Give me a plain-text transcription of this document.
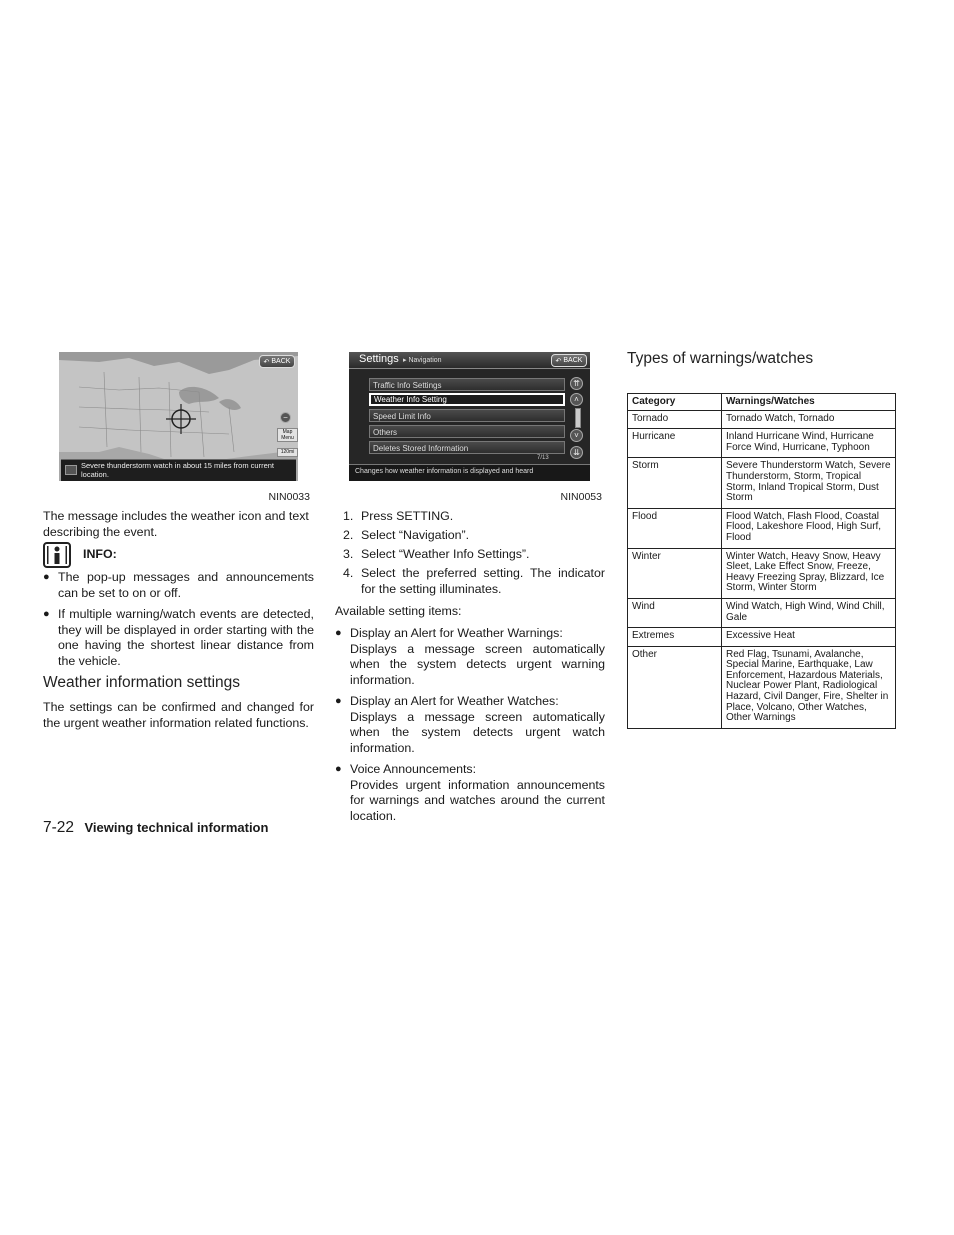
↶
BACK
−
Map Menu
120mi
Severe thunderstorm watch in about 15 miles from current location.
NIN0033

The message includes the weather icon and text describing the event.

INFO:
● The pop-up messages and announcements can be set to on or off.
● If multiple warning/watch events are detected, they will be displayed in order starting with the one having the shortest linear distance from the vehicle.
Weather information settings

The settings can be confirmed and changed for the urgent weather information related functions.

Settings ▸ Navigation	↶
BACK
Traffic Info Settings
Weather Info Setting
Speed Limit Info
Others
Deletes Stored Information
⇈
˄
˅
⇊
7/13
Changes how weather information is displayed and heard
NIN0053
1. Press SETTING.
2. Select “Navigation”.
3. Select “Weather Info Settings”.
4. Select the preferred setting. The indicator for the setting illuminates.

Available setting items:

● Display an Alert for Weather Warnings:
Displays a message screen automatically when the system detects urgent warning information.
● Display an Alert for Weather Watches:
Displays a message screen automatically when the system detects urgent watch information.
● Voice Announcements:
Provides urgent information announcements for warnings and watches around the current location.
Types of warnings/watches
Category	Warnings/Watches
Tornado	Tornado Watch, Tornado
Hurricane	Inland Hurricane Wind, Hurricane Force Wind, Hurricane, Typhoon
Storm	Severe Thunderstorm Watch, Severe Thunderstorm, Storm, Tropical Storm, Inland Tropical Storm, Dust Storm
Flood	Flood Watch, Flash Flood, Coastal Flood, Lakeshore Flood, High Surf, Flood
Winter	Winter Watch, Heavy Snow, Heavy Sleet, Lake Effect Snow, Freeze, Heavy Freezing Spray, Blizzard, Ice Storm, Winter Storm
Wind	Wind Watch, High Wind, Wind Chill, Gale
Extremes	Excessive Heat
Other	Red Flag, Tsunami, Avalanche, Special Marine, Earthquake, Law Enforcement, Hazardous Materials, Nuclear Power Plant, Radiological Hazard, Civil Danger, Fire, Shelter in Place, Volcano, Other Watches, Other Warnings
7-22 Viewing technical information
